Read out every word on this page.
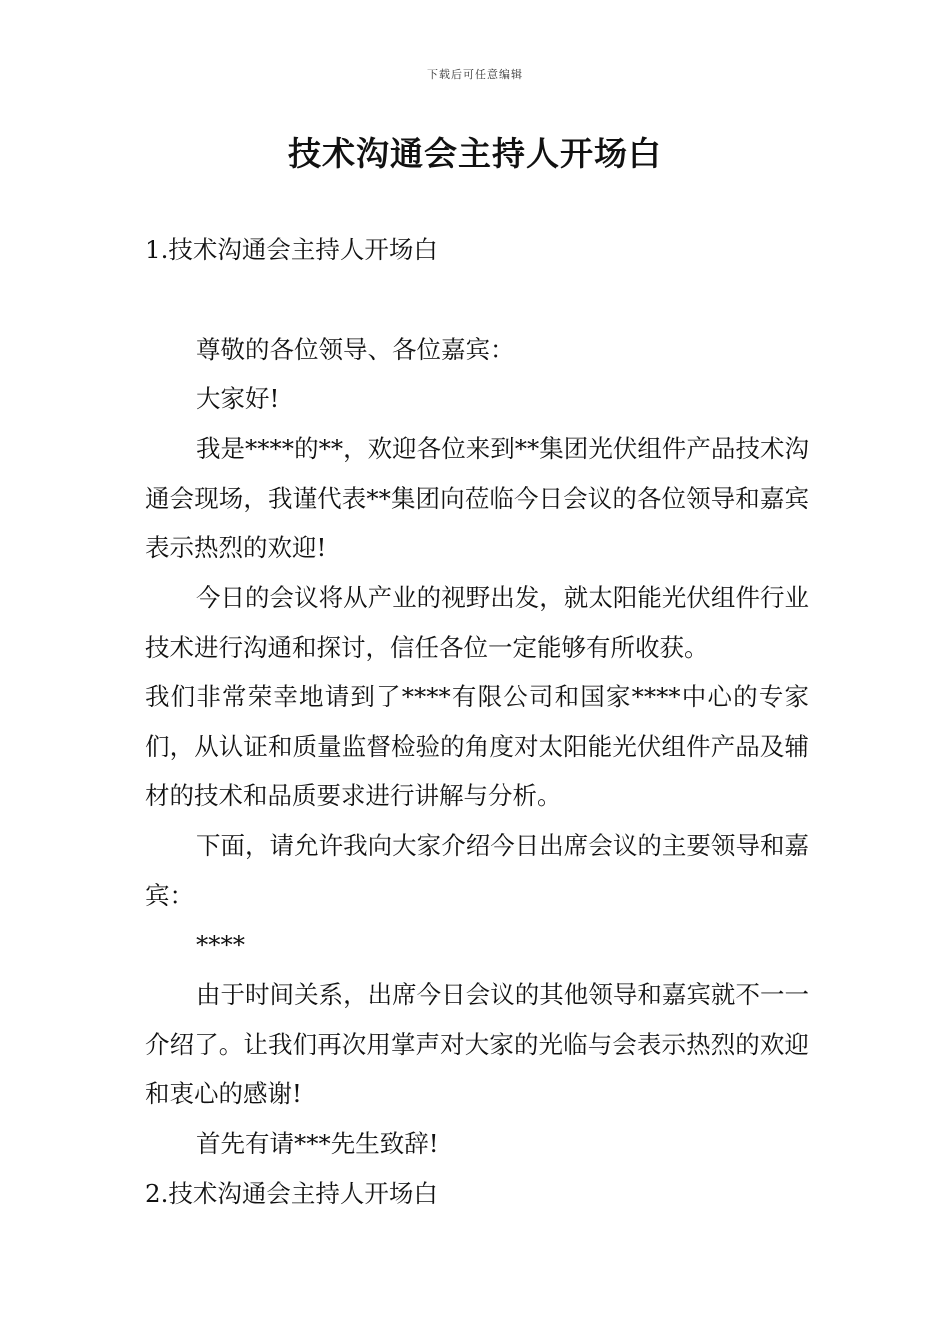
下载后可任意编辑
技术沟通会主持人开场白
1.技术沟通会主持人开场白

尊敬的各位领导、各位嘉宾：

大家好!

我是****的**，欢迎各位来到**集团光伏组件产品技术沟通会现场，我谨代表**集团向莅临今日会议的各位领导和嘉宾表示热烈的欢迎!

今日的会议将从产业的视野出发，就太阳能光伏组件行业技术进行沟通和探讨，信任各位一定能够有所收获。

我们非常荣幸地请到了****有限公司和国家****中心的专家们，从认证和质量监督检验的角度对太阳能光伏组件产品及辅材的技术和品质要求进行讲解与分析。

下面，请允许我向大家介绍今日出席会议的主要领导和嘉宾：

****

由于时间关系，出席今日会议的其他领导和嘉宾就不一一介绍了。让我们再次用掌声对大家的光临与会表示热烈的欢迎和衷心的感谢!

首先有请***先生致辞!

2.技术沟通会主持人开场白
